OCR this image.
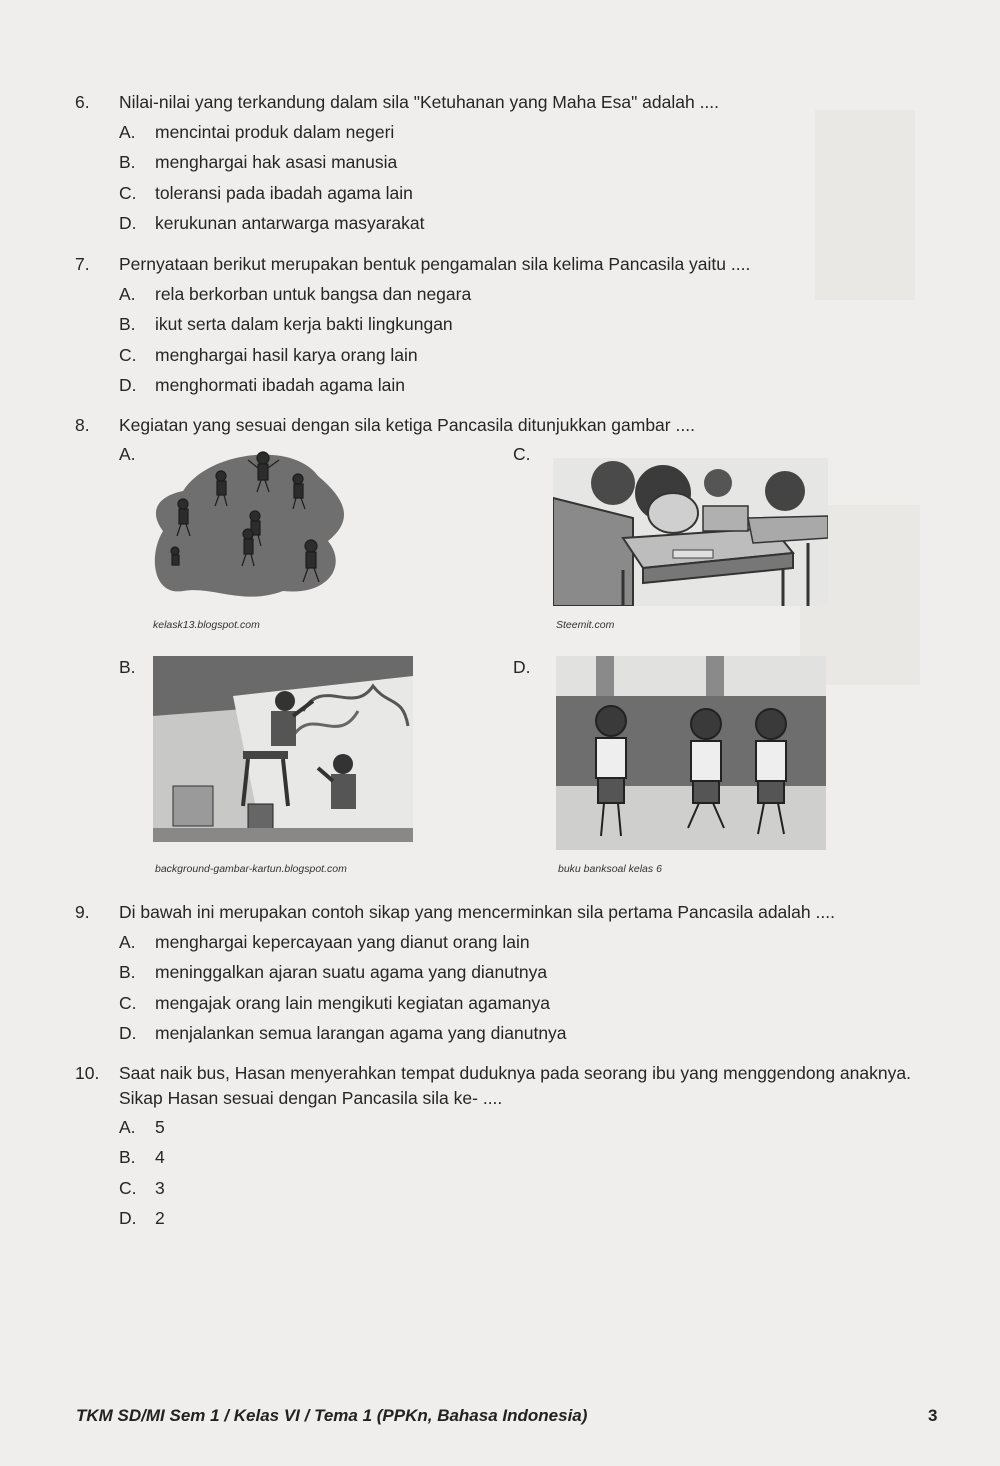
6.	Nilai-nilai yang terkandung dalam sila "Ketuhanan yang Maha Esa" adalah ....
A.	mencintai produk dalam negeri
B.	menghargai hak asasi manusia
C.	toleransi pada ibadah agama lain
D.	kerukunan antarwarga masyarakat
7.	Pernyataan berikut merupakan bentuk pengamalan sila kelima Pancasila yaitu ....
A.	rela berkorban untuk bangsa dan negara
B.	ikut serta dalam kerja bakti lingkungan
C.	menghargai hasil karya orang lain
D.	menghormati ibadah agama lain
8.	Kegiatan yang sesuai dengan sila ketiga Pancasila ditunjukkan gambar ....
A.
kelask13.blogspot.com
C.
Steemit.com
B.
background-gambar-kartun.blogspot.com
D.
buku banksoal kelas 6
9.	Di bawah ini merupakan contoh sikap yang mencerminkan sila pertama Pancasila adalah ....
A.	menghargai kepercayaan yang dianut orang lain
B.	meninggalkan ajaran suatu agama yang dianutnya
C.	mengajak orang lain mengikuti kegiatan agamanya
D.	menjalankan semua larangan agama yang dianutnya
10.	Saat naik bus, Hasan menyerahkan tempat duduknya pada seorang ibu yang menggendong anaknya. Sikap Hasan sesuai dengan Pancasila sila ke- ....
A.	5
B.	4
C.	3
D.	2
TKM SD/MI Sem 1 / Kelas VI / Tema 1 (PPKn, Bahasa Indonesia)	3
